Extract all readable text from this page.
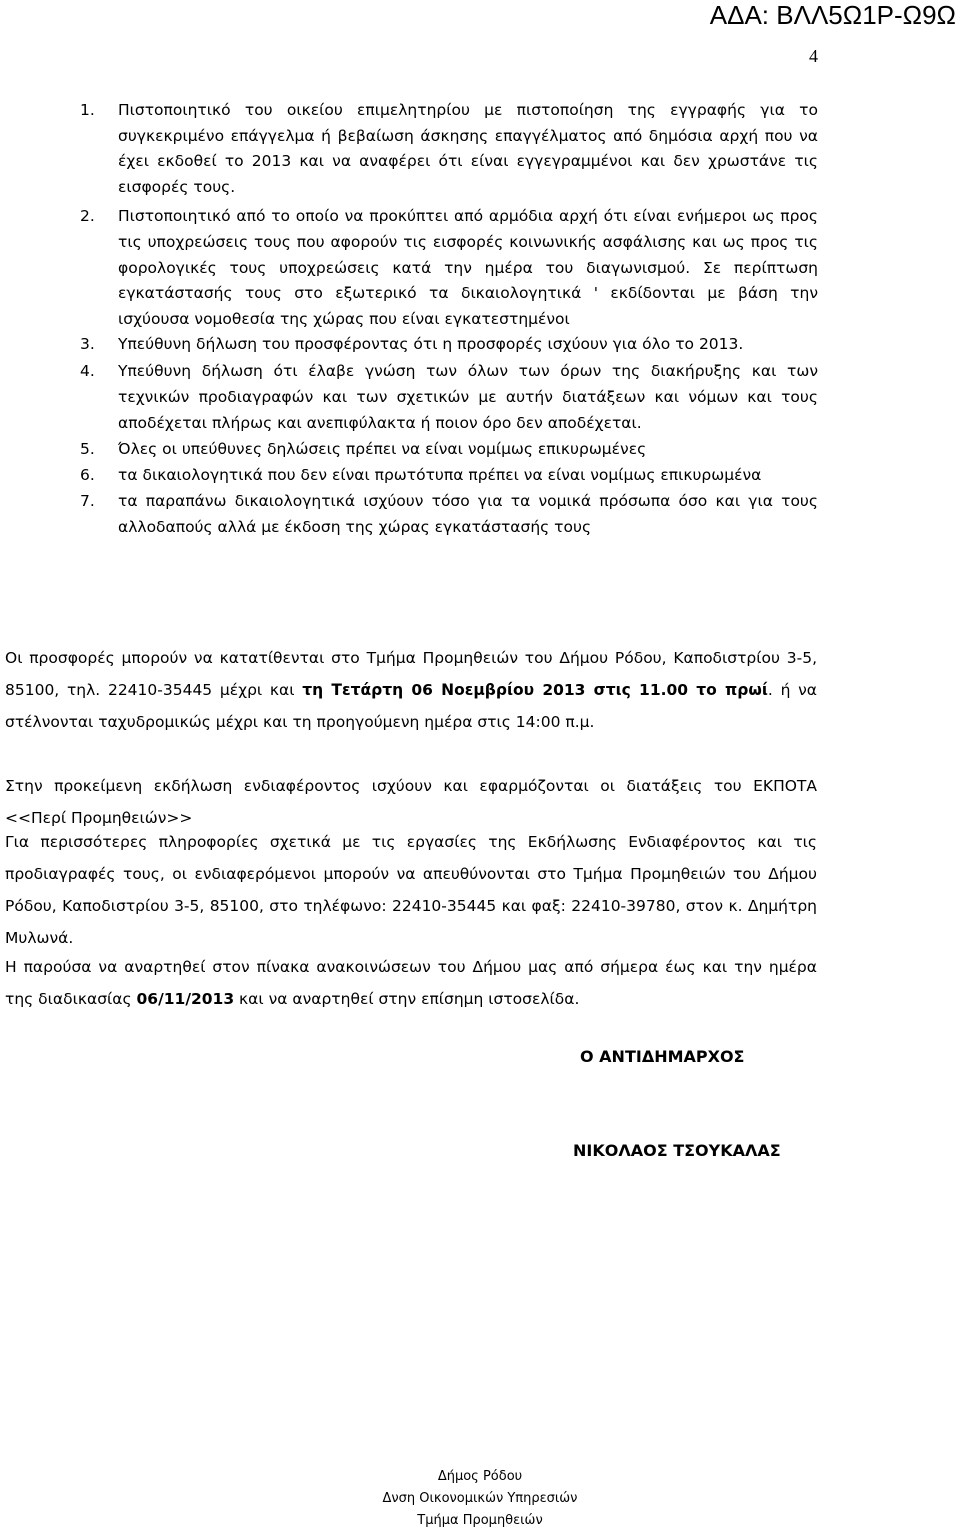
ΑΔΑ: ΒΛΛ5Ω1Ρ-Ω9Ω
4
1. Πιστοποιητικό του οικείου επιμελητηρίου με πιστοποίηση της εγγραφής για το συγκεκριμένο επάγγελμα ή βεβαίωση άσκησης επαγγέλματος από δημόσια αρχή που να έχει εκδοθεί το 2013 και να αναφέρει ότι είναι εγγεγραμμένοι και δεν χρωστάνε τις εισφορές τους.
2. Πιστοποιητικό από το οποίο να προκύπτει από αρμόδια αρχή ότι είναι ενήμεροι ως προς τις υποχρεώσεις τους που αφορούν τις εισφορές κοινωνικής ασφάλισης και ως προς τις φορολογικές τους υποχρεώσεις κατά την ημέρα του διαγωνισμού. Σε περίπτωση εγκατάστασής τους στο εξωτερικό τα δικαιολογητικά ' εκδίδονται με βάση την ισχύουσα νομοθεσία της χώρας που είναι εγκατεστημένοι
3. Υπεύθυνη δήλωση του προσφέροντας ότι η προσφορές ισχύουν για όλο το 2013.
4. Υπεύθυνη δήλωση ότι έλαβε γνώση των όλων των όρων της διακήρυξης και των τεχνικών προδιαγραφών και των σχετικών με αυτήν διατάξεων και νόμων και τους αποδέχεται πλήρως και ανεπιφύλακτα ή ποιον όρο δεν αποδέχεται.
5. Όλες οι υπεύθυνες δηλώσεις πρέπει να είναι νομίμως επικυρωμένες
6. τα δικαιολογητικά που δεν είναι πρωτότυπα πρέπει να είναι νομίμως επικυρωμένα
7. τα παραπάνω δικαιολογητικά ισχύουν τόσο για τα νομικά πρόσωπα όσο και για τους αλλοδαπούς αλλά με έκδοση της χώρας εγκατάστασής τους
Οι προσφορές μπορούν να κατατίθενται στο Τμήμα Προμηθειών του Δήμου Ρόδου, Καποδιστρίου 3-5, 85100, τηλ. 22410-35445 μέχρι και τη Τετάρτη 06 Νοεμβρίου 2013 στις 11.00 το πρωί. ή να στέλνονται ταχυδρομικώς μέχρι και τη προηγούμενη ημέρα στις 14:00 π.μ.
Στην προκείμενη εκδήλωση ενδιαφέροντος ισχύουν και εφαρμόζονται οι διατάξεις του ΕΚΠΟΤΑ <<Περί Προμηθειών>>
Για περισσότερες πληροφορίες σχετικά με τις εργασίες της Εκδήλωσης Ενδιαφέροντος και τις προδιαγραφές τους, οι ενδιαφερόμενοι μπορούν να απευθύνονται στο Τμήμα Προμηθειών του Δήμου Ρόδου, Καποδιστρίου 3-5, 85100, στο τηλέφωνο: 22410-35445 και φαξ: 22410-39780, στον κ. Δημήτρη Μυλωνά.
Η παρούσα να αναρτηθεί στον πίνακα ανακοινώσεων του Δήμου μας από σήμερα έως και την ημέρα της διαδικασίας 06/11/2013 και να αναρτηθεί στην επίσημη ιστοσελίδα.
Ο ΑΝΤΙΔΗΜΑΡΧΟΣ
ΝΙΚΟΛΑΟΣ ΤΣΟΥΚΑΛΑΣ
Δήμος Ρόδου
Δνση Οικονομικών Υπηρεσιών
Τμήμα Προμηθειών
